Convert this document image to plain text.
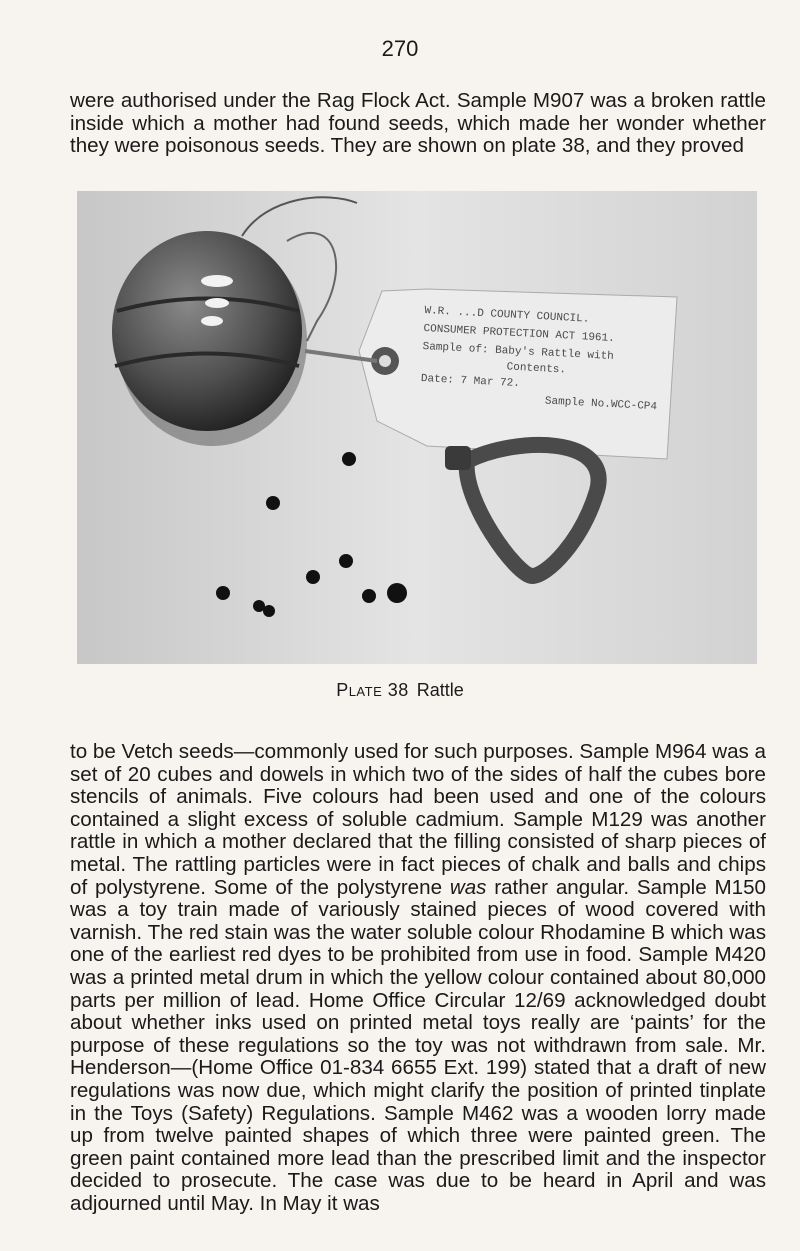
270

were authorised under the Rag Flock Act. Sample M907 was a broken rattle inside which a mother had found seeds, which made her wonder whether they were poisonous seeds. They are shown on plate 38, and they proved

W.R. ...D COUNTY COUNCIL.
CONSUMER PROTECTION ACT 1961.
Sample of: Baby's Rattle with
Contents.
Date: 7 Mar 72.
Sample No.WCC-CP4
Plate 38 Rattle

to be Vetch seeds—commonly used for such purposes. Sample M964 was a set of 20 cubes and dowels in which two of the sides of half the cubes bore stencils of animals. Five colours had been used and one of the colours contained a slight excess of soluble cadmium. Sample M129 was another rattle in which a mother declared that the filling consisted of sharp pieces of metal. The rattling particles were in fact pieces of chalk and balls and chips of polystyrene. Some of the polystyrene was rather angular. Sample M150 was a toy train made of variously stained pieces of wood covered with varnish. The red stain was the water soluble colour Rhodamine B which was one of the earliest red dyes to be prohibited from use in food. Sample M420 was a printed metal drum in which the yellow colour contained about 80,000 parts per million of lead. Home Office Circular 12/69 acknowledged doubt about whether inks used on printed metal toys really are ‘paints’ for the purpose of these regulations so the toy was not withdrawn from sale. Mr. Henderson—(Home Office 01-834 6655 Ext. 199) stated that a draft of new regulations was now due, which might clarify the position of printed tinplate in the Toys (Safety) Regulations. Sample M462 was a wooden lorry made up from twelve painted shapes of which three were painted green. The green paint contained more lead than the prescribed limit and the inspector decided to prosecute. The case was due to be heard in April and was adjourned until May. In May it was
